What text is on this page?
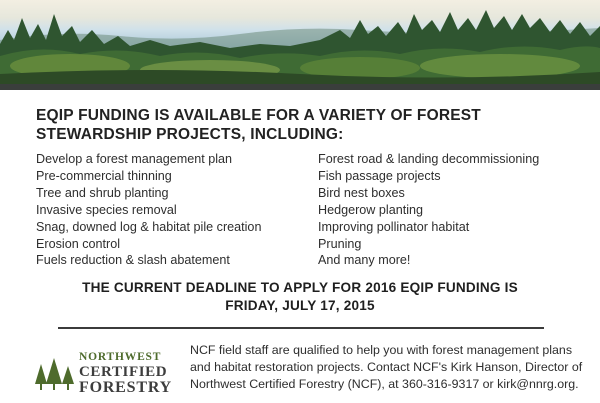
EQIP FUNDING IS AVAILABLE FOR A VARIETY OF FOREST STEWARDSHIP PROJECTS, INCLUDING:
Develop a forest management plan
Pre-commercial thinning
Tree and shrub planting
Invasive species removal
Snag, downed log & habitat pile creation
Erosion control
Fuels reduction & slash abatement
Forest road & landing decommissioning
Fish passage projects
Bird nest boxes
Hedgerow planting
Improving pollinator habitat
Pruning
And many more!
THE CURRENT DEADLINE TO APPLY FOR 2016 EQIP FUNDING IS
FRIDAY, JULY 17, 2015
NORTHWEST
CERTIFIED
FORESTRY
NCF field staff are qualified to help you with forest management plans and habitat restoration projects. Contact NCF's Kirk Hanson, Director of Northwest Certified Forestry (NCF), at 360-316-9317 or kirk@nnrg.org.
